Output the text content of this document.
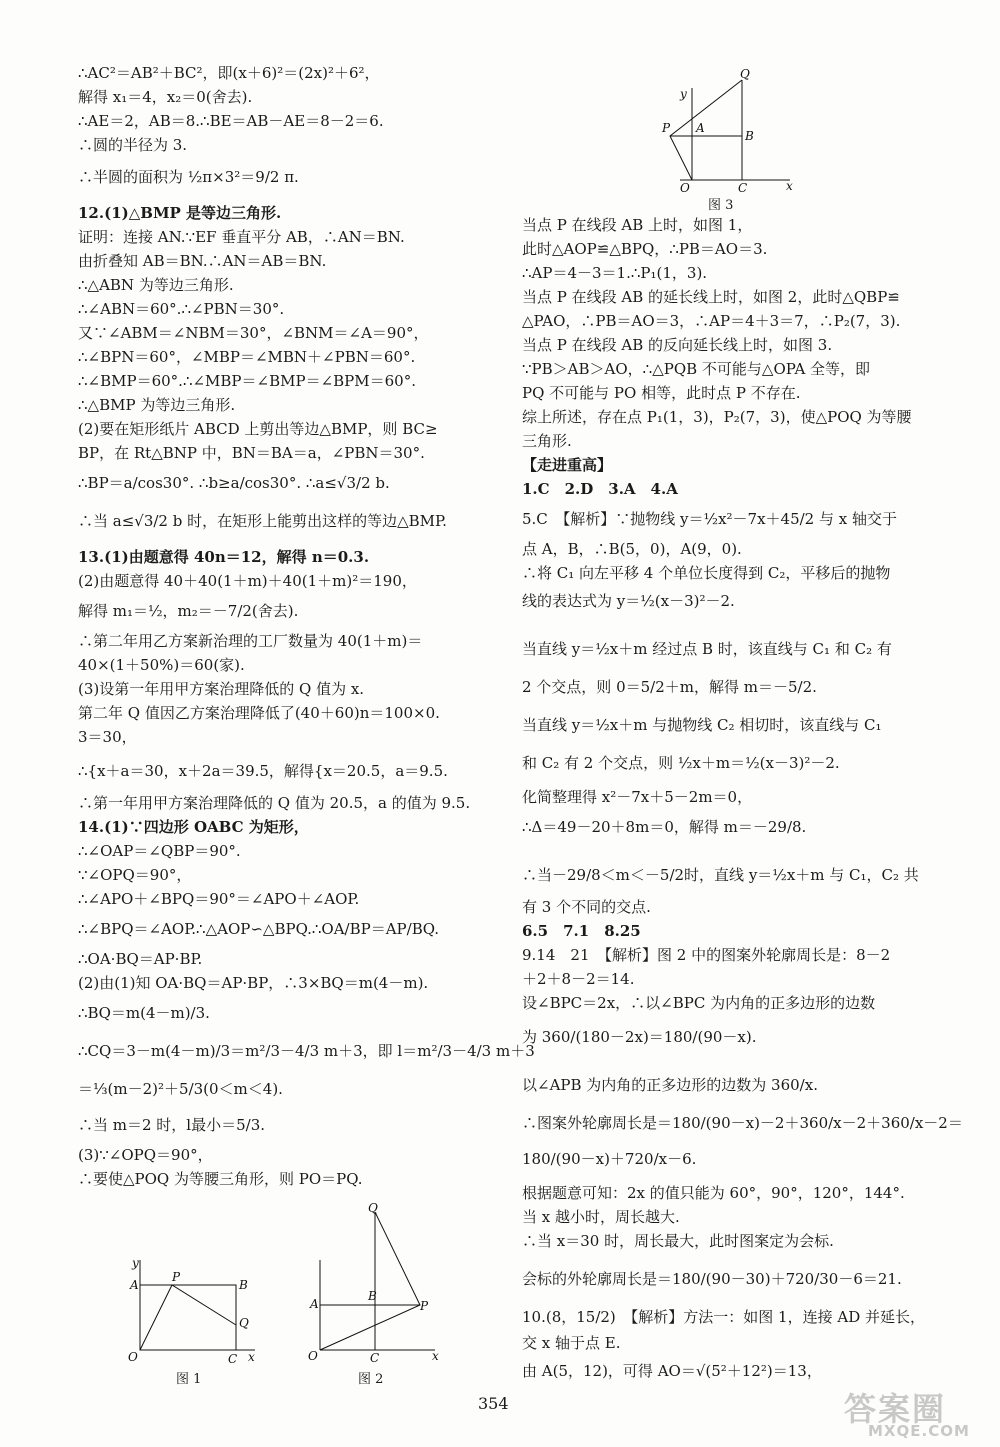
∴AC²＝AB²＋BC²，即(x＋6)²＝(2x)²＋6²，
解得 x₁＝4，x₂＝0(舍去).
∴AE＝2，AB＝8.∴BE＝AB－AE＝8－2＝6.
∴圆的半径为 3.
∴半圆的面积为 ½π×3²＝9/2 π.
12.(1)△BMP 是等边三角形.
证明：连接 AN.∵EF 垂直平分 AB，∴AN＝BN.
由折叠知 AB＝BN.∴AN＝AB＝BN.
∴△ABN 为等边三角形.
∴∠ABN＝60°.∴∠PBN＝30°.
又∵∠ABM＝∠NBM＝30°，∠BNM＝∠A＝90°，
∴∠BPN＝60°，∠MBP＝∠MBN＋∠PBN＝60°.
∴∠BMP＝60°.∴∠MBP＝∠BMP＝∠BPM＝60°.
∴△BMP 为等边三角形.
(2)要在矩形纸片 ABCD 上剪出等边△BMP，则 BC≥
BP，在 Rt△BNP 中，BN＝BA＝a，∠PBN＝30°.
∴BP＝a/cos30°. ∴b≥a/cos30°. ∴a≤√3/2 b.
∴当 a≤√3/2 b 时，在矩形上能剪出这样的等边△BMP.
13.(1)由题意得 40n＝12，解得 n＝0.3.
(2)由题意得 40＋40(1＋m)＋40(1＋m)²＝190，
解得 m₁＝½，m₂＝－7/2(舍去).
∴第二年用乙方案新治理的工厂数量为 40(1＋m)＝
40×(1＋50%)＝60(家).
(3)设第一年用甲方案治理降低的 Q 值为 x.
第二年 Q 值因乙方案治理降低了(40＋60)n＝100×0.
3＝30，
∴{x＋a＝30，x＋2a＝39.5，解得{x＝20.5，a＝9.5.
∴第一年用甲方案治理降低的 Q 值为 20.5，a 的值为 9.5.
14.(1)∵四边形 OABC 为矩形，
∴∠OAP＝∠QBP＝90°.
∵∠OPQ＝90°，
∴∠APO＋∠BPQ＝90°＝∠APO＋∠AOP.
∴∠BPQ＝∠AOP.∴△AOP∽△BPQ.∴OA/BP＝AP/BQ.
∴OA·BQ＝AP·BP.
(2)由(1)知 OA·BQ＝AP·BP，∴3×BQ＝m(4－m).
∴BQ＝m(4－m)/3.
∴CQ＝3－m(4－m)/3＝m²/3－4/3 m＋3，即 l＝m²/3－4/3 m＋3
＝⅓(m－2)²＋5/3(0＜m＜4).
∴当 m＝2 时，l最小＝5/3.
(3)∵∠OPQ＝90°，
∴要使△POQ 为等腰三角形，则 PO＝PQ.
y
A
P
B
Q
C
O	x
图 1
A
B
P
Q
C
O	x
图 2
y
P A
B
Q
C
O	x
图 3
当点 P 在线段 AB 上时，如图 1，
此时△AOP≌△BPQ，∴PB＝AO＝3.
∴AP＝4－3＝1.∴P₁(1，3).
当点 P 在线段 AB 的延长线上时，如图 2，此时△QBP≌
△PAO，∴PB＝AO＝3，∴AP＝4＋3＝7，∴P₂(7，3).
当点 P 在线段 AB 的反向延长线上时，如图 3.
∵PB＞AB＞AO，∴△PQB 不可能与△OPA 全等，即
PQ 不可能与 PO 相等，此时点 P 不存在.
综上所述，存在点 P₁(1，3)，P₂(7，3)，使△POQ 为等腰
三角形.
【走进重高】
1.C　2.D　3.A　4.A
5.C　【解析】∵抛物线 y＝½x²－7x＋45/2 与 x 轴交于
点 A，B，∴B(5，0)，A(9，0).
∴将 C₁ 向左平移 4 个单位长度得到 C₂，平移后的抛物
线的表达式为 y＝½(x－3)²－2.
当直线 y＝½x＋m 经过点 B 时，该直线与 C₁ 和 C₂ 有
2 个交点，则 0＝5/2＋m，解得 m＝－5/2.
当直线 y＝½x＋m 与抛物线 C₂ 相切时，该直线与 C₁
和 C₂ 有 2 个交点，则 ½x＋m＝½(x－3)²－2.
化简整理得 x²－7x＋5－2m＝0，
∴Δ＝49－20＋8m＝0，解得 m＝－29/8.
∴当－29/8＜m＜－5/2时，直线 y＝½x＋m 与 C₁，C₂ 共
有 3 个不同的交点.
6.5　7.1　8.25
9.14　21　【解析】图 2 中的图案外轮廓周长是：8－2
＋2＋8－2＝14.
设∠BPC＝2x，∴以∠BPC 为内角的正多边形的边数
为 360/(180－2x)＝180/(90－x).
以∠APB 为内角的正多边形的边数为 360/x.
∴图案外轮廓周长是＝180/(90－x)－2＋360/x－2＋360/x－2＝
180/(90－x)＋720/x－6.
根据题意可知：2x 的值只能为 60°，90°，120°，144°.
当 x 越小时，周长越大.
∴当 x＝30 时，周长最大，此时图案定为会标.
会标的外轮廓周长是＝180/(90－30)＋720/30－6＝21.
10.(8，15/2)　【解析】方法一：如图 1，连接 AD 并延长，
交 x 轴于点 E.
由 A(5，12)，可得 AO＝√(5²＋12²)＝13，
354	答案圈
MXQE.COM
